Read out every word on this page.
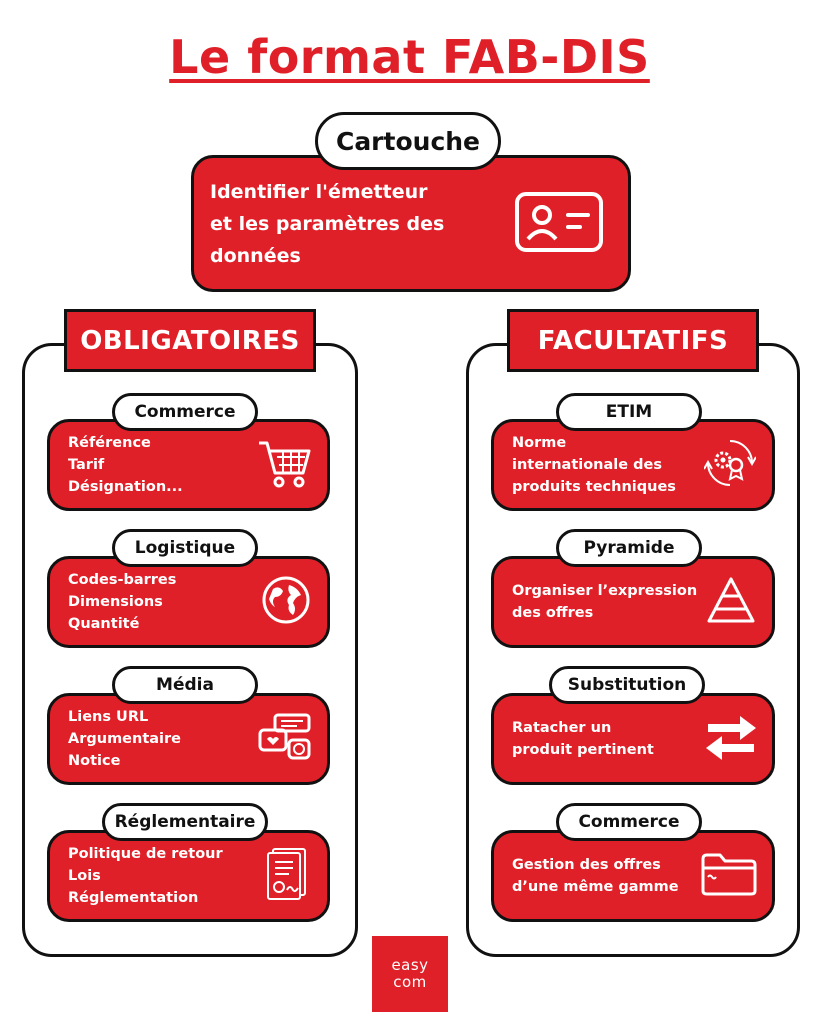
Le format FAB-DIS
Identifier l'émetteur
et les paramètres des
données
Cartouche
OBLIGATOIRES	FACULTATIFS
Référence
Tarif
Désignation...
Commerce
Codes-barres
Dimensions
Quantité
Logistique
Liens URL
Argumentaire
Notice
Média
Politique de retour
Lois
Réglementation
Réglementaire
Norme
internationale des
produits techniques
ETIM
Organiser l’expression
des offres
Pyramide
Ratacher un
produit pertinent
Substitution
Gestion des offres
d’une même gamme
Commerce
easy
com
